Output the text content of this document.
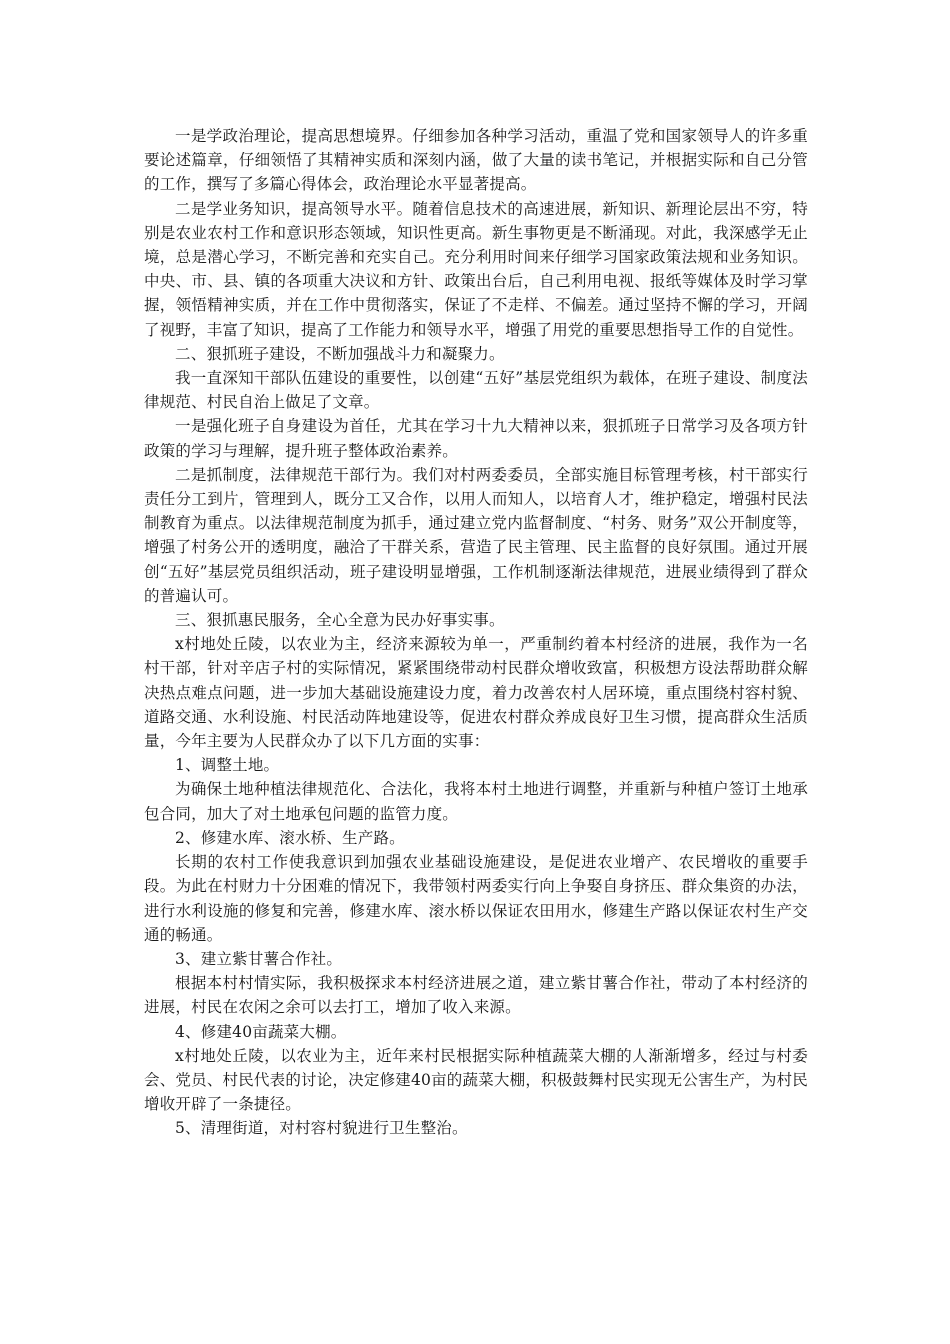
一是学政治理论，提高思想境界。仔细参加各种学习活动，重温了党和国家领导人的许多重要论述篇章，仔细领悟了其精神实质和深刻内涵，做了大量的读书笔记，并根据实际和自己分管的工作，撰写了多篇心得体会，政治理论水平显著提高。

二是学业务知识，提高领导水平。随着信息技术的高速进展，新知识、新理论层出不穷，特别是农业农村工作和意识形态领域，知识性更高。新生事物更是不断涌现。对此，我深感学无止境，总是潜心学习，不断完善和充实自己。充分利用时间来仔细学习国家政策法规和业务知识。中央、市、县、镇的各项重大决议和方针、政策出台后，自己利用电视、报纸等媒体及时学习掌握，领悟精神实质，并在工作中贯彻落实，保证了不走样、不偏差。通过坚持不懈的学习，开阔了视野，丰富了知识，提高了工作能力和领导水平，增强了用党的重要思想指导工作的自觉性。

二、狠抓班子建设，不断加强战斗力和凝聚力。

我一直深知干部队伍建设的重要性，以创建“五好”基层党组织为载体，在班子建设、制度法律规范、村民自治上做足了文章。

一是强化班子自身建设为首任，尤其在学习十九大精神以来，狠抓班子日常学习及各项方针政策的学习与理解，提升班子整体政治素养。

二是抓制度，法律规范干部行为。我们对村两委委员，全部实施目标管理考核，村干部实行责任分工到片，管理到人，既分工又合作，以用人而知人，以培育人才，维护稳定，增强村民法制教育为重点。以法律规范制度为抓手，通过建立党内监督制度、“村务、财务”双公开制度等，增强了村务公开的透明度，融洽了干群关系，营造了民主管理、民主监督的良好氛围。通过开展创“五好”基层党员组织活动，班子建设明显增强，工作机制逐渐法律规范，进展业绩得到了群众的普遍认可。

三、狠抓惠民服务，全心全意为民办好事实事。

x村地处丘陵，以农业为主，经济来源较为单一，严重制约着本村经济的进展，我作为一名村干部，针对辛店子村的实际情况，紧紧围绕带动村民群众增收致富，积极想方设法帮助群众解决热点难点问题，进一步加大基础设施建设力度，着力改善农村人居环境，重点围绕村容村貌、道路交通、水利设施、村民活动阵地建设等，促进农村群众养成良好卫生习惯，提高群众生活质量，今年主要为人民群众办了以下几方面的实事：

1、调整土地。

为确保土地种植法律规范化、合法化，我将本村土地进行调整，并重新与种植户签订土地承包合同，加大了对土地承包问题的监管力度。

2、修建水库、滚水桥、生产路。

长期的农村工作使我意识到加强农业基础设施建设，是促进农业增产、农民增收的重要手段。为此在村财力十分困难的情况下，我带领村两委实行向上争娶自身挤压、群众集资的办法，进行水利设施的修复和完善，修建水库、滚水桥以保证农田用水，修建生产路以保证农村生产交通的畅通。

3、建立紫甘薯合作社。

根据本村村情实际，我积极探求本村经济进展之道，建立紫甘薯合作社，带动了本村经济的进展，村民在农闲之余可以去打工，增加了收入来源。

4、修建40亩蔬菜大棚。

x村地处丘陵，以农业为主，近年来村民根据实际种植蔬菜大棚的人渐渐增多，经过与村委会、党员、村民代表的讨论，决定修建40亩的蔬菜大棚，积极鼓舞村民实现无公害生产，为村民增收开辟了一条捷径。

5、清理街道，对村容村貌进行卫生整治。
